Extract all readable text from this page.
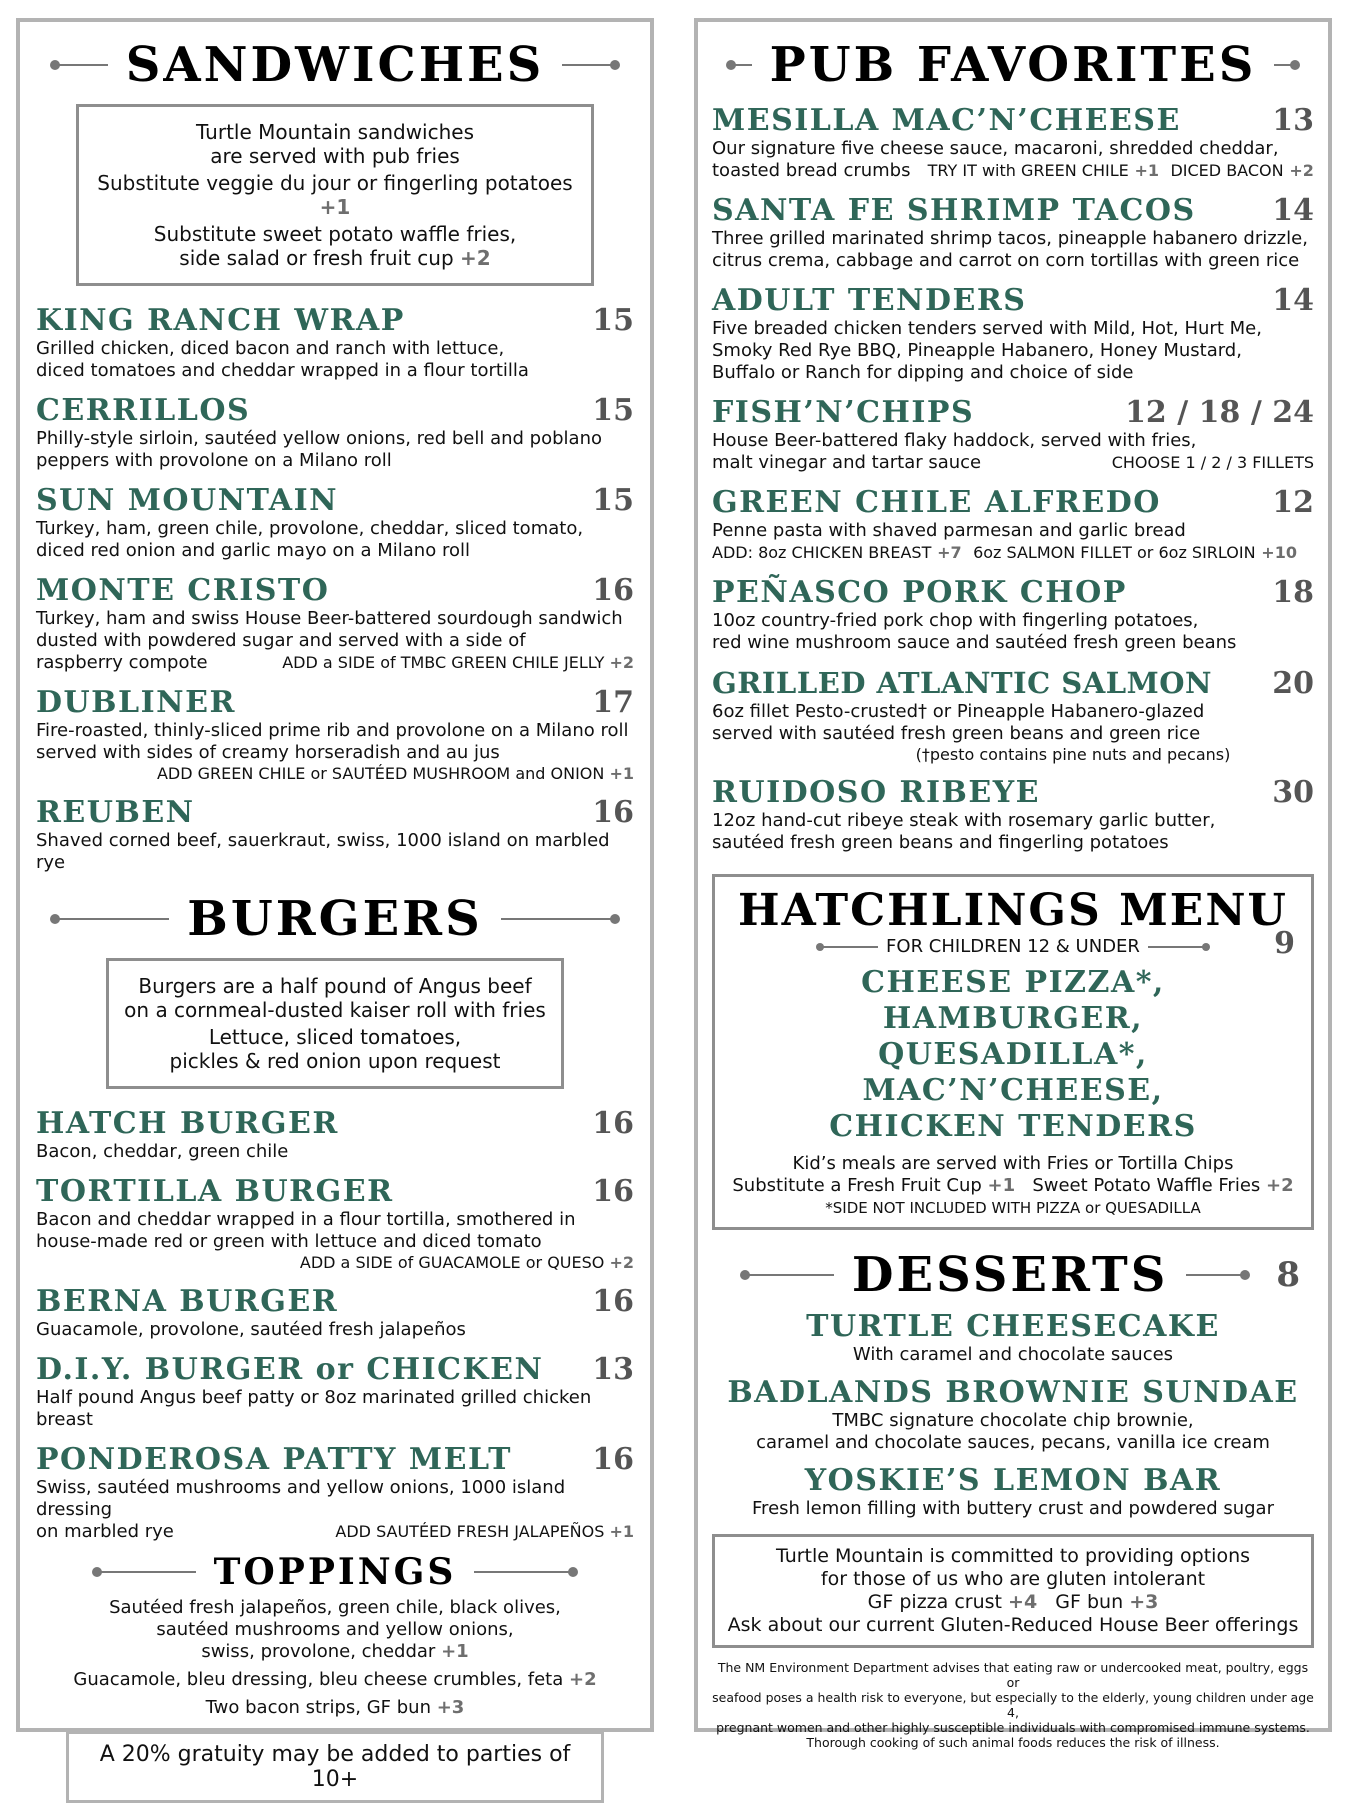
SANDWICHES

Turtle Mountain sandwiches
are served with pub fries

Substitute veggie du jour or fingerling potatoes +1

Substitute sweet potato waffle fries,
side salad or fresh fruit cup +2

KING RANCH WRAP	15
Grilled chicken, diced bacon and ranch with lettuce,
diced tomatoes and cheddar wrapped in a flour tortilla
CERRILLOS	15
Philly-style sirloin, sautéed yellow onions, red bell and poblano
peppers with provolone on a Milano roll
SUN MOUNTAIN	15
Turkey, ham, green chile, provolone, cheddar, sliced tomato,
diced red onion and garlic mayo on a Milano roll
MONTE CRISTO	16
Turkey, ham and swiss House Beer-battered sourdough sandwich
dusted with powdered sugar and served with a side of
raspberry compote	ADD a SIDE of TMBC GREEN CHILE JELLY +2
DUBLINER	17
Fire-roasted, thinly-sliced prime rib and provolone on a Milano roll
served with sides of creamy horseradish and au jus
ADD GREEN CHILE or SAUTÉED MUSHROOM and ONION +1
REUBEN	16
Shaved corned beef, sauerkraut, swiss, 1000 island on marbled rye
BURGERS

Burgers are a half pound of Angus beef
on a cornmeal-dusted kaiser roll with fries

Lettuce, sliced tomatoes,
pickles & red onion upon request

HATCH BURGER	16
Bacon, cheddar, green chile
TORTILLA BURGER	16
Bacon and cheddar wrapped in a flour tortilla, smothered in
house-made red or green with lettuce and diced tomato
ADD a SIDE of GUACAMOLE or QUESO +2
BERNA BURGER	16
Guacamole, provolone, sautéed fresh jalapeños
D.I.Y. BURGER or CHICKEN 13
Half pound Angus beef patty or 8oz marinated grilled chicken breast
PONDEROSA PATTY MELT	16
Swiss, sautéed mushrooms and yellow onions, 1000 island dressing
on marbled rye	ADD SAUTÉED FRESH JALAPEÑOS +1
TOPPINGS
Sautéed fresh jalapeños, green chile, black olives,
sautéed mushrooms and yellow onions,
swiss, provolone, cheddar +1
Guacamole, bleu dressing, bleu cheese crumbles, feta +2
Two bacon strips, GF bun +3
A 20% gratuity may be added to parties of 10+
PUB FAVORITES
MESILLA MAC’N’CHEESE	13
Our signature five cheese sauce, macaroni, shredded cheddar,
toasted bread crumbs TRY IT with GREEN CHILE +1 DICED BACON +2
SANTA FE SHRIMP TACOS	14
Three grilled marinated shrimp tacos, pineapple habanero drizzle,
citrus crema, cabbage and carrot on corn tortillas with green rice
ADULT TENDERS	14
Five breaded chicken tenders served with Mild, Hot, Hurt Me,
Smoky Red Rye BBQ, Pineapple Habanero, Honey Mustard,
Buffalo or Ranch for dipping and choice of side
FISH’N’CHIPS	12 / 18 / 24
House Beer-battered flaky haddock, served with fries,
malt vinegar and tartar sauce	CHOOSE 1 / 2 / 3 FILLETS
GREEN CHILE ALFREDO	12
Penne pasta with shaved parmesan and garlic bread
ADD: 8oz CHICKEN BREAST +7 6oz SALMON FILLET or 6oz SIRLOIN +10
PEÑASCO PORK CHOP	18
10oz country-fried pork chop with fingerling potatoes,
red wine mushroom sauce and sautéed fresh green beans
GRILLED ATLANTIC SALMON 20
6oz fillet Pesto-crusted† or Pineapple Habanero-glazed
served with sautéed fresh green beans and green rice
(†pesto contains pine nuts and pecans)
RUIDOSO RIBEYE	30
12oz hand-cut ribeye steak with rosemary garlic butter,
sautéed fresh green beans and fingerling potatoes
HATCHLINGS MENU
FOR CHILDREN 12 & UNDER	9
CHEESE PIZZA*, HAMBURGER,
QUESADILLA*, MAC’N’CHEESE,
CHICKEN TENDERS
Kid’s meals are served with Fries or Tortilla Chips
Substitute a Fresh Fruit Cup +1 Sweet Potato Waffle Fries +2
*SIDE NOT INCLUDED WITH PIZZA or QUESADILLA
DESSERTS	8
TURTLE CHEESECAKE
With caramel and chocolate sauces
BADLANDS BROWNIE SUNDAE
TMBC signature chocolate chip brownie,
caramel and chocolate sauces, pecans, vanilla ice cream
YOSKIE’S LEMON BAR
Fresh lemon filling with buttery crust and powdered sugar
Turtle Mountain is committed to providing options
for those of us who are gluten intolerant
GF pizza crust +4 GF bun +3
Ask about our current Gluten-Reduced House Beer offerings
The NM Environment Department advises that eating raw or undercooked meat, poultry, eggs or
seafood poses a health risk to everyone, but especially to the elderly, young children under age 4,
pregnant women and other highly susceptible individuals with compromised immune systems.
Thorough cooking of such animal foods reduces the risk of illness.
